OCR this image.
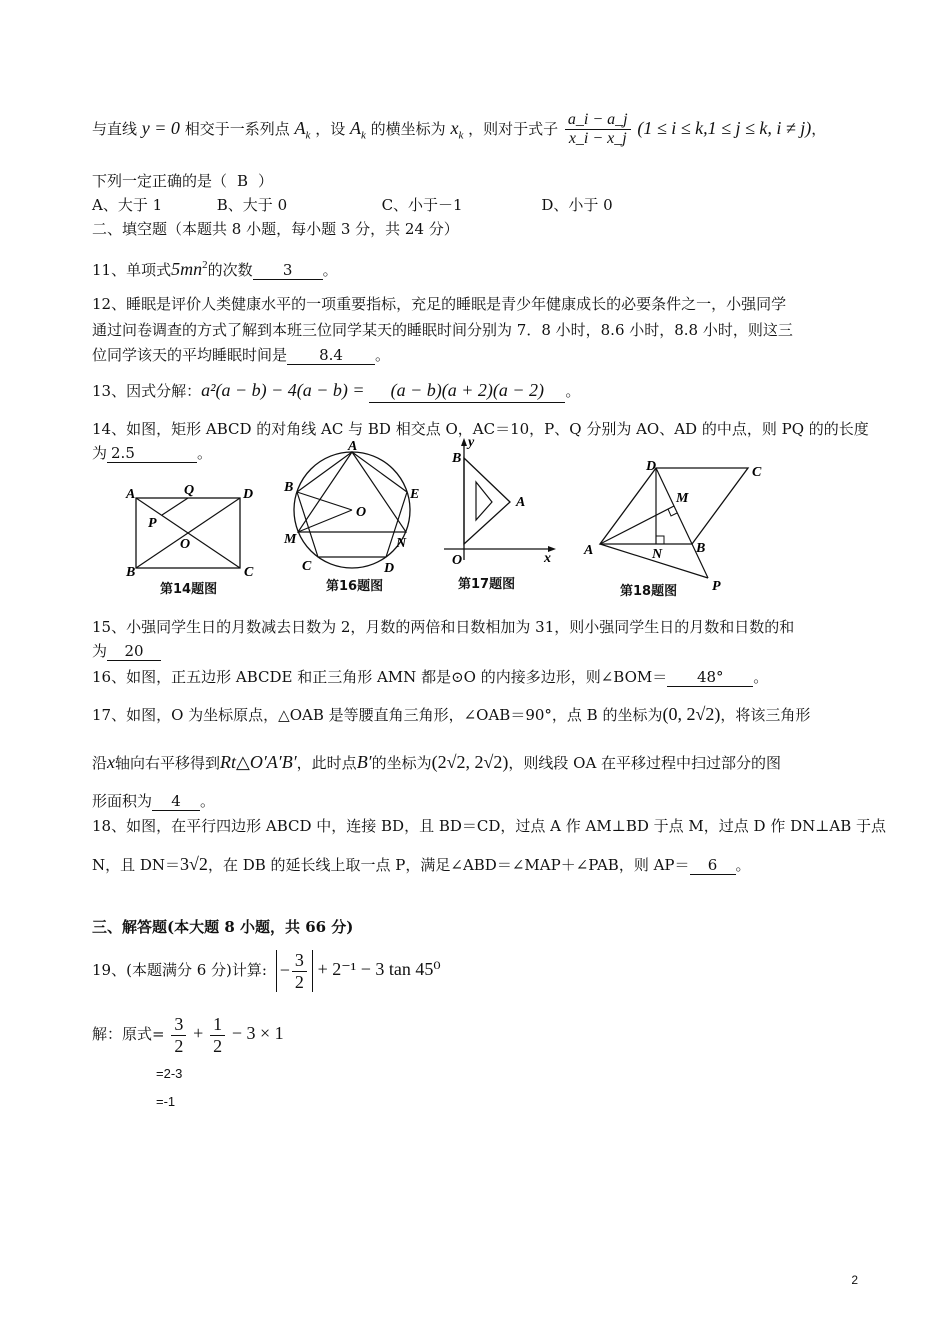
与直线 y = 0 相交于一系列点 $A_k$ ，设 $A_k$ 的横坐标为 $x_k$ ，则对于式子 $\frac{a\_i - a\_j}{x\_i - x\_j} (1 \le i \le k,1 \le j \le k$, i ≠ j)，
下列一定正确的是（ B ）
A、大于 1	B、大于 0	C、小于－1	D、小于 0
二、填空题（本题共 8 小题，每小题 3 分，共 24 分）
11、单项式$5mn^2$的次数 3 。
12、睡眠是评价人类健康水平的一项重要指标，充足的睡眠是青少年健康成长的必要条件之一，小强同学
通过问卷调查的方式了解到本班三位同学某天的睡眠时间分别为 7．8 小时，8.6 小时，8.8 小时，则这三
位同学该天的平均睡眠时间是 8.4 。
13、因式分解：a²(a − b) − 4(a − b) = (a − b)(a + 2)(a − 2) 。
14、如图，矩形 ABCD 的对角线 AC 与 BD 相交点 O，AC＝10，P、Q 分别为 AO、AD 的中点，则 PQ 的的长度
为 2.5	。
A	Q	D
P
O
B	C
第14题图
A
B	E
O
M	N
C	D
第16题图
y
B
A
O	x
第17题图
D	C
M
A	N B
P
第18题图
15、小强同学生日的月数减去日数为 2，月数的两倍和日数相加为 31，则小强同学生日的月数和日数的和
为 20
16、如图，正五边形 ABCDE 和正三角形 AMN 都是⊙O 的内接多边形，则∠BOM＝ 48° 。
17、如图，O 为坐标原点，△OAB 是等腰直角三角形，∠OAB＝90°，点 B 的坐标为(0, 2√2)，将该三角形
沿x轴向右平移得到Rt△O′A′B′，此时点B′的坐标为(2√2, 2√2)，则线段 OA 在平移过程中扫过部分的图
形面积为 4 。
18、如图，在平行四边形 ABCD 中，连接 BD，且 BD＝CD，过点 A 作 AM⊥BD 于点 M，过点 D 作 DN⊥AB 于点
N，且 DN＝3√2，在 DB 的延长线上取一点 P，满足∠ABD＝∠MAP＋∠PAB，则 AP＝ 6 。
三、解答题(本大题 8 小题，共 66 分)
19、(本题满分 6 分)计算: − $\frac{3}{2} + 2^{-1} - 3$ tan 45⁰
解：原式= $\frac{3}{2} + \frac{1}{2} - 3 \times 1$
=2-3
=-1
2
